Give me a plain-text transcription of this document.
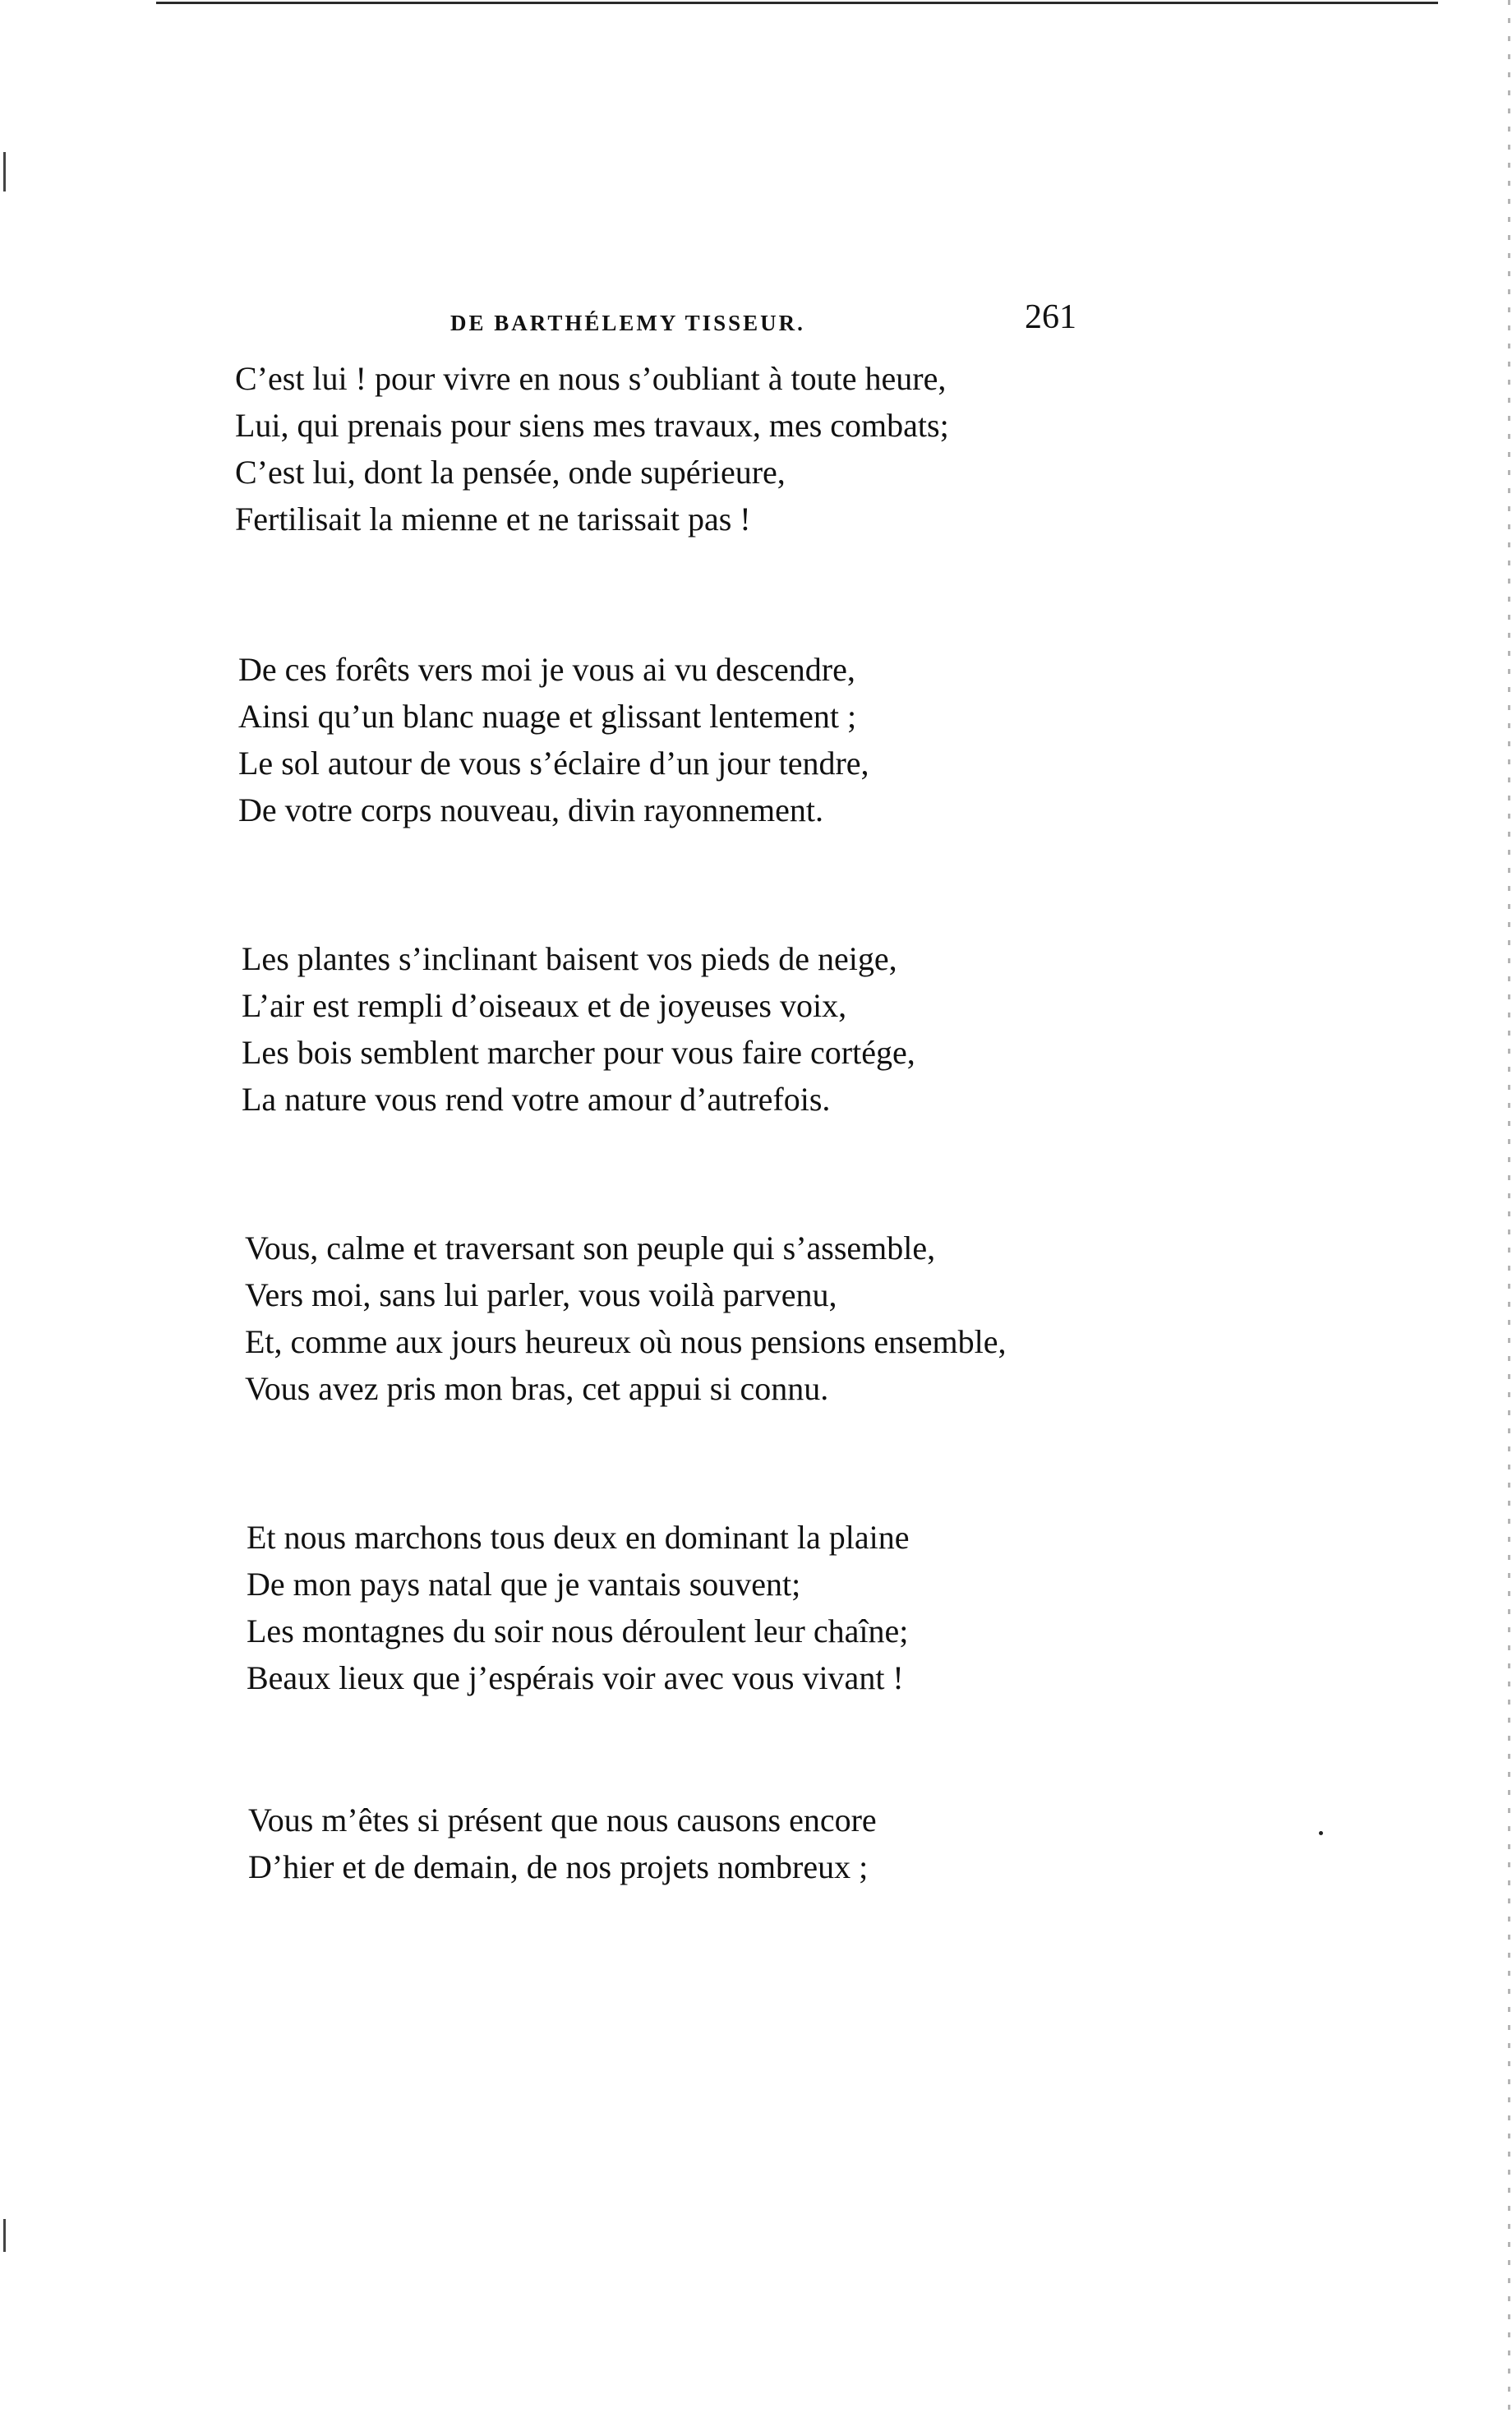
DE BARTHÉLEMY TISSEUR.	261
C’est lui ! pour vivre en nous s’oubliant à toute heure,
Lui, qui prenais pour siens mes travaux, mes combats;
C’est lui, dont la pensée, onde supérieure,
Fertilisait la mienne et ne tarissait pas !
De ces forêts vers moi je vous ai vu descendre,
Ainsi qu’un blanc nuage et glissant lentement ;
Le sol autour de vous s’éclaire d’un jour tendre,
De votre corps nouveau, divin rayonnement.
Les plantes s’inclinant baisent vos pieds de neige,
L’air est rempli d’oiseaux et de joyeuses voix,
Les bois semblent marcher pour vous faire cortége,
La nature vous rend votre amour d’autrefois.
Vous, calme et traversant son peuple qui s’assemble,
Vers moi, sans lui parler, vous voilà parvenu,
Et, comme aux jours heureux où nous pensions ensemble,
Vous avez pris mon bras, cet appui si connu.
Et nous marchons tous deux en dominant la plaine
De mon pays natal que je vantais souvent;
Les montagnes du soir nous déroulent leur chaîne;
Beaux lieux que j’espérais voir avec vous vivant !
Vous m’êtes si présent que nous causons encore
D’hier et de demain, de nos projets nombreux ;
